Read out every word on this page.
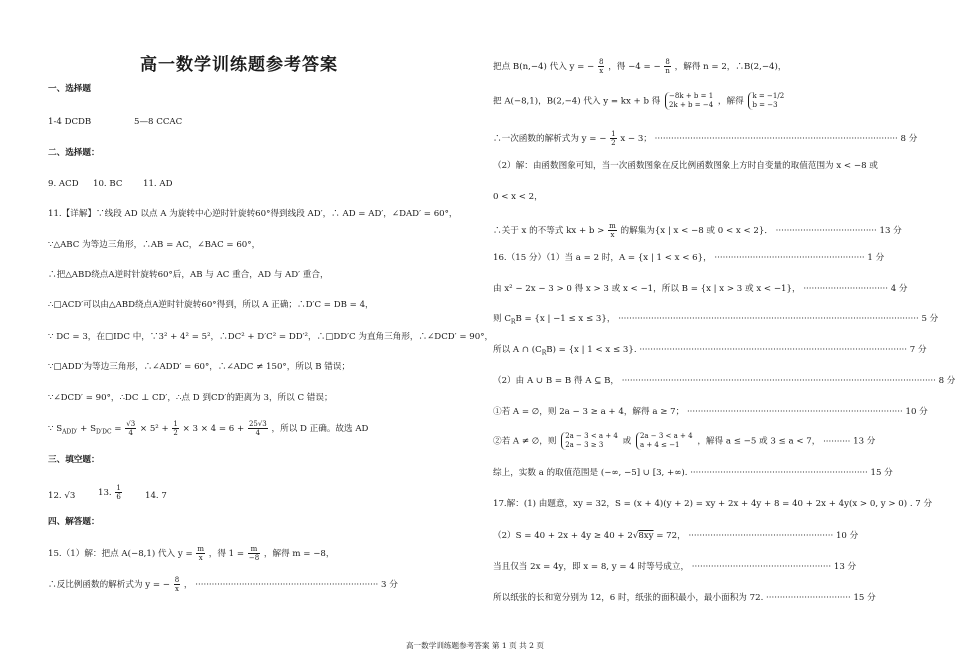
高一数学训练题参考答案
一、选择题
1-4 DCDB	5—8 CCAC
二、选择题：
9. ACD 10. BC 11. AD
11.【详解】∵线段 AD 以点 A 为旋转中心逆时针旋转60°得到线段 AD′，∴ AD = AD′，∠DAD′ = 60°，
∵△ABC 为等边三角形，∴AB = AC，∠BAC = 60°，
∴把△ABD绕点A逆时针旋转60°后，AB 与 AC 重合，AD 与 AD′ 重合，
∴□ACD′可以由△ABD绕点A逆时针旋转60°得到，所以 A 正确；∴D′C = DB = 4，
∵ DC = 3，在□IDC 中，∵3² + 4² = 5²，∴DC² + D′C² = DD′²，∴□DD′C 为直角三角形，∴∠DCD′ = 90°，
∵□ADD′为等边三角形，∴∠ADD′ = 60°，∴∠ADC ≠ 150°，所以 B 错误；
∵∠DCD′ = 90°，∴DC ⊥ CD′，∴点 D 到CD′的距离为 3，所以 C 错误；
∵ $S_{ADD'} + S_{D'DC} = \frac{√3}{4} \times 5^2 + \frac{1}{2} \times 3 \times 4 = 6 + \frac{25√3}{4}$ ，所以 D 正确。故选 AD
三、填空题：
12. √3	13. $\frac{1}{6}$	14. 7
四、解答题：
15.（1）解：把点 A(−8,1) 代入 $y = \frac{m}{x}$ ，得 $1 = \frac{m}{-8}$ ，解得 m = −8，
∴反比例函数的解析式为 y = − $\frac{8}{x}$ ， ··································································· 3 分
把点 B(n,−4) 代入 y = − $\frac{8}{x}$ ，得 −4 = − $\frac{8}{n}$ ，解得 n = 2，∴B(2,−4)，
把 A(−8,1)，B(2,−4) 代入 y = kx + b 得
−8k + b = 1
2k + b = −4 ，解得
k = −1/2
b = −3
∴一次函数的解析式为 y = − $\frac{1}{2}$ x − 3； ························································································· 8 分
（2）解：由函数图象可知，当一次函数图象在反比例函数图象上方时自变量的取值范围为 x < −8 或
0 < x < 2，
∴关于 x 的不等式 kx + $b > \frac{m}{x}$ 的解集为{x | x < −8 或 0 < x < 2}． ····································· 13 分
16.（15 分）（1）当 a = 2 时，A = {x | 1 < x < 6}， ······················································· 1 分
由 x² − 2x − 3 > 0 得 x > 3 或 x < −1，所以 B = {x | x > 3 或 x < −1}， ······························· 4 分
则 $C_RB = \{x$ | −1 ≤ x ≤ 3}， ·············································································································· 5 分
所以 A ∩ $(C_RB) = \{x$ | 1 < x ≤ 3}. ·································································································· 7 分
（2）由 A ∪ B = B 得 A ⊆ B， ··················································································································· 8 分
①若 A = ∅，则 2a − 3 ≥ a + 4，解得 a ≥ 7； ··············································································· 10 分
②若 A ≠ ∅，则
2a − 3 < a + 4
2a − 3 ≥ 3	或
2a − 3 < a + 4
a + 4 ≤ −1	，解得 a ≤ −5 或 3 ≤ a < 7， ·········· 13 分
综上，实数 a 的取值范围是 (−∞, −5] ∪ [3, +∞). ································································· 15 分
17.解：(1) 由题意，xy = 32，S = (x + 4)(y + 2) = xy + 2x + 4y + 8 = 40 + 2x + 4y(x > 0, y > 0) . 7 分
（2）S = 40 + 2x + 4y ≥ 40 + 2√8xy = 72， ····················································· 10 分
当且仅当 2x = 4y，即 x = 8, y = 4 时等号成立， ··················································· 13 分
所以纸张的长和宽分别为 12，6 时，纸张的面积最小，最小面积为 72. ······························· 15 分
高一数学训练题参考答案 第 1 页 共 2 页
